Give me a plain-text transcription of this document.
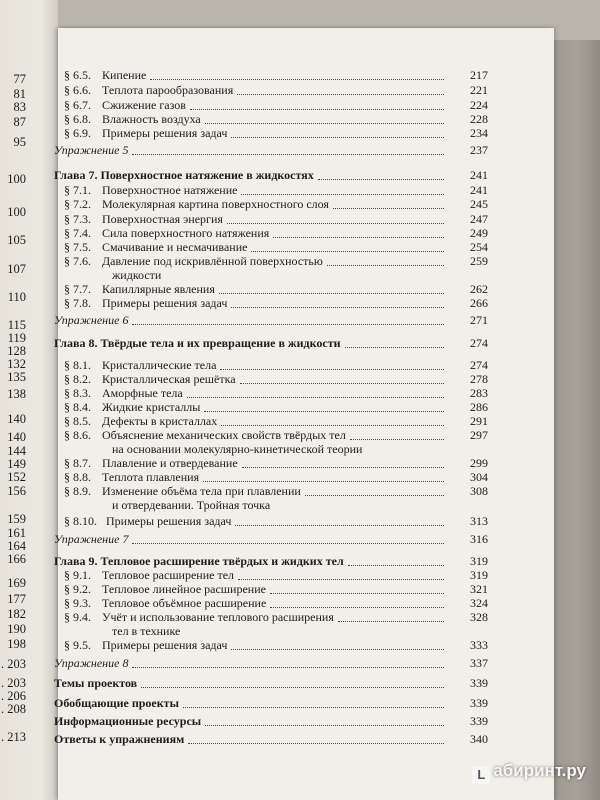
77
81
83
87
95
100
100
105
107
110
115
119
128
132
135
138
140
140
144
149
152
156
159
161
164
166
169
177
182
190
198
. 203
. 203
. 206
. 208
. 213
§ 6.5. Кипение	217
§ 6.6. Теплота парообразования	221
§ 6.7. Сжижение газов	224
§ 6.8. Влажность воздуха	228
§ 6.9. Примеры решения задач	234
Упражнение 5	237
Глава 7. Поверхностное натяжение в жидкостях	241
§ 7.1. Поверхностное натяжение	241
§ 7.2. Молекулярная картина поверхностного слоя	245
§ 7.3. Поверхностная энергия	247
§ 7.4. Сила поверхностного натяжения	249
§ 7.5. Смачивание и несмачивание	254
§ 7.6. Давление под искривлённой поверхностью	259
жидкости
§ 7.7. Капиллярные явления	262
§ 7.8. Примеры решения задач	266
Упражнение 6	271
Глава 8. Твёрдые тела и их превращение в жидкости	274
§ 8.1. Кристаллические тела	274
§ 8.2. Кристаллическая решётка	278
§ 8.3. Аморфные тела	283
§ 8.4. Жидкие кристаллы	286
§ 8.5. Дефекты в кристаллах	291
§ 8.6. Объяснение механических свойств твёрдых тел	297
на основании молекулярно-кинетической теории
§ 8.7. Плавление и отвердевание	299
§ 8.8. Теплота плавления	304
§ 8.9. Изменение объёма тела при плавлении	308
и отвердевании. Тройная точка
§ 8.10. Примеры решения задач	313
Упражнение 7	316
Глава 9. Тепловое расширение твёрдых и жидких тел	319
§ 9.1. Тепловое расширение тел	319
§ 9.2. Тепловое линейное расширение	321
§ 9.3. Тепловое объёмное расширение	324
§ 9.4. Учёт и использование теплового расширения	328
тел в технике
§ 9.5. Примеры решения задач	333
Упражнение 8	337
Темы проектов	339
Обобщающие проекты	339
Информационные ресурсы	339
Ответы к упражнениям	340
L абиринт.ру
